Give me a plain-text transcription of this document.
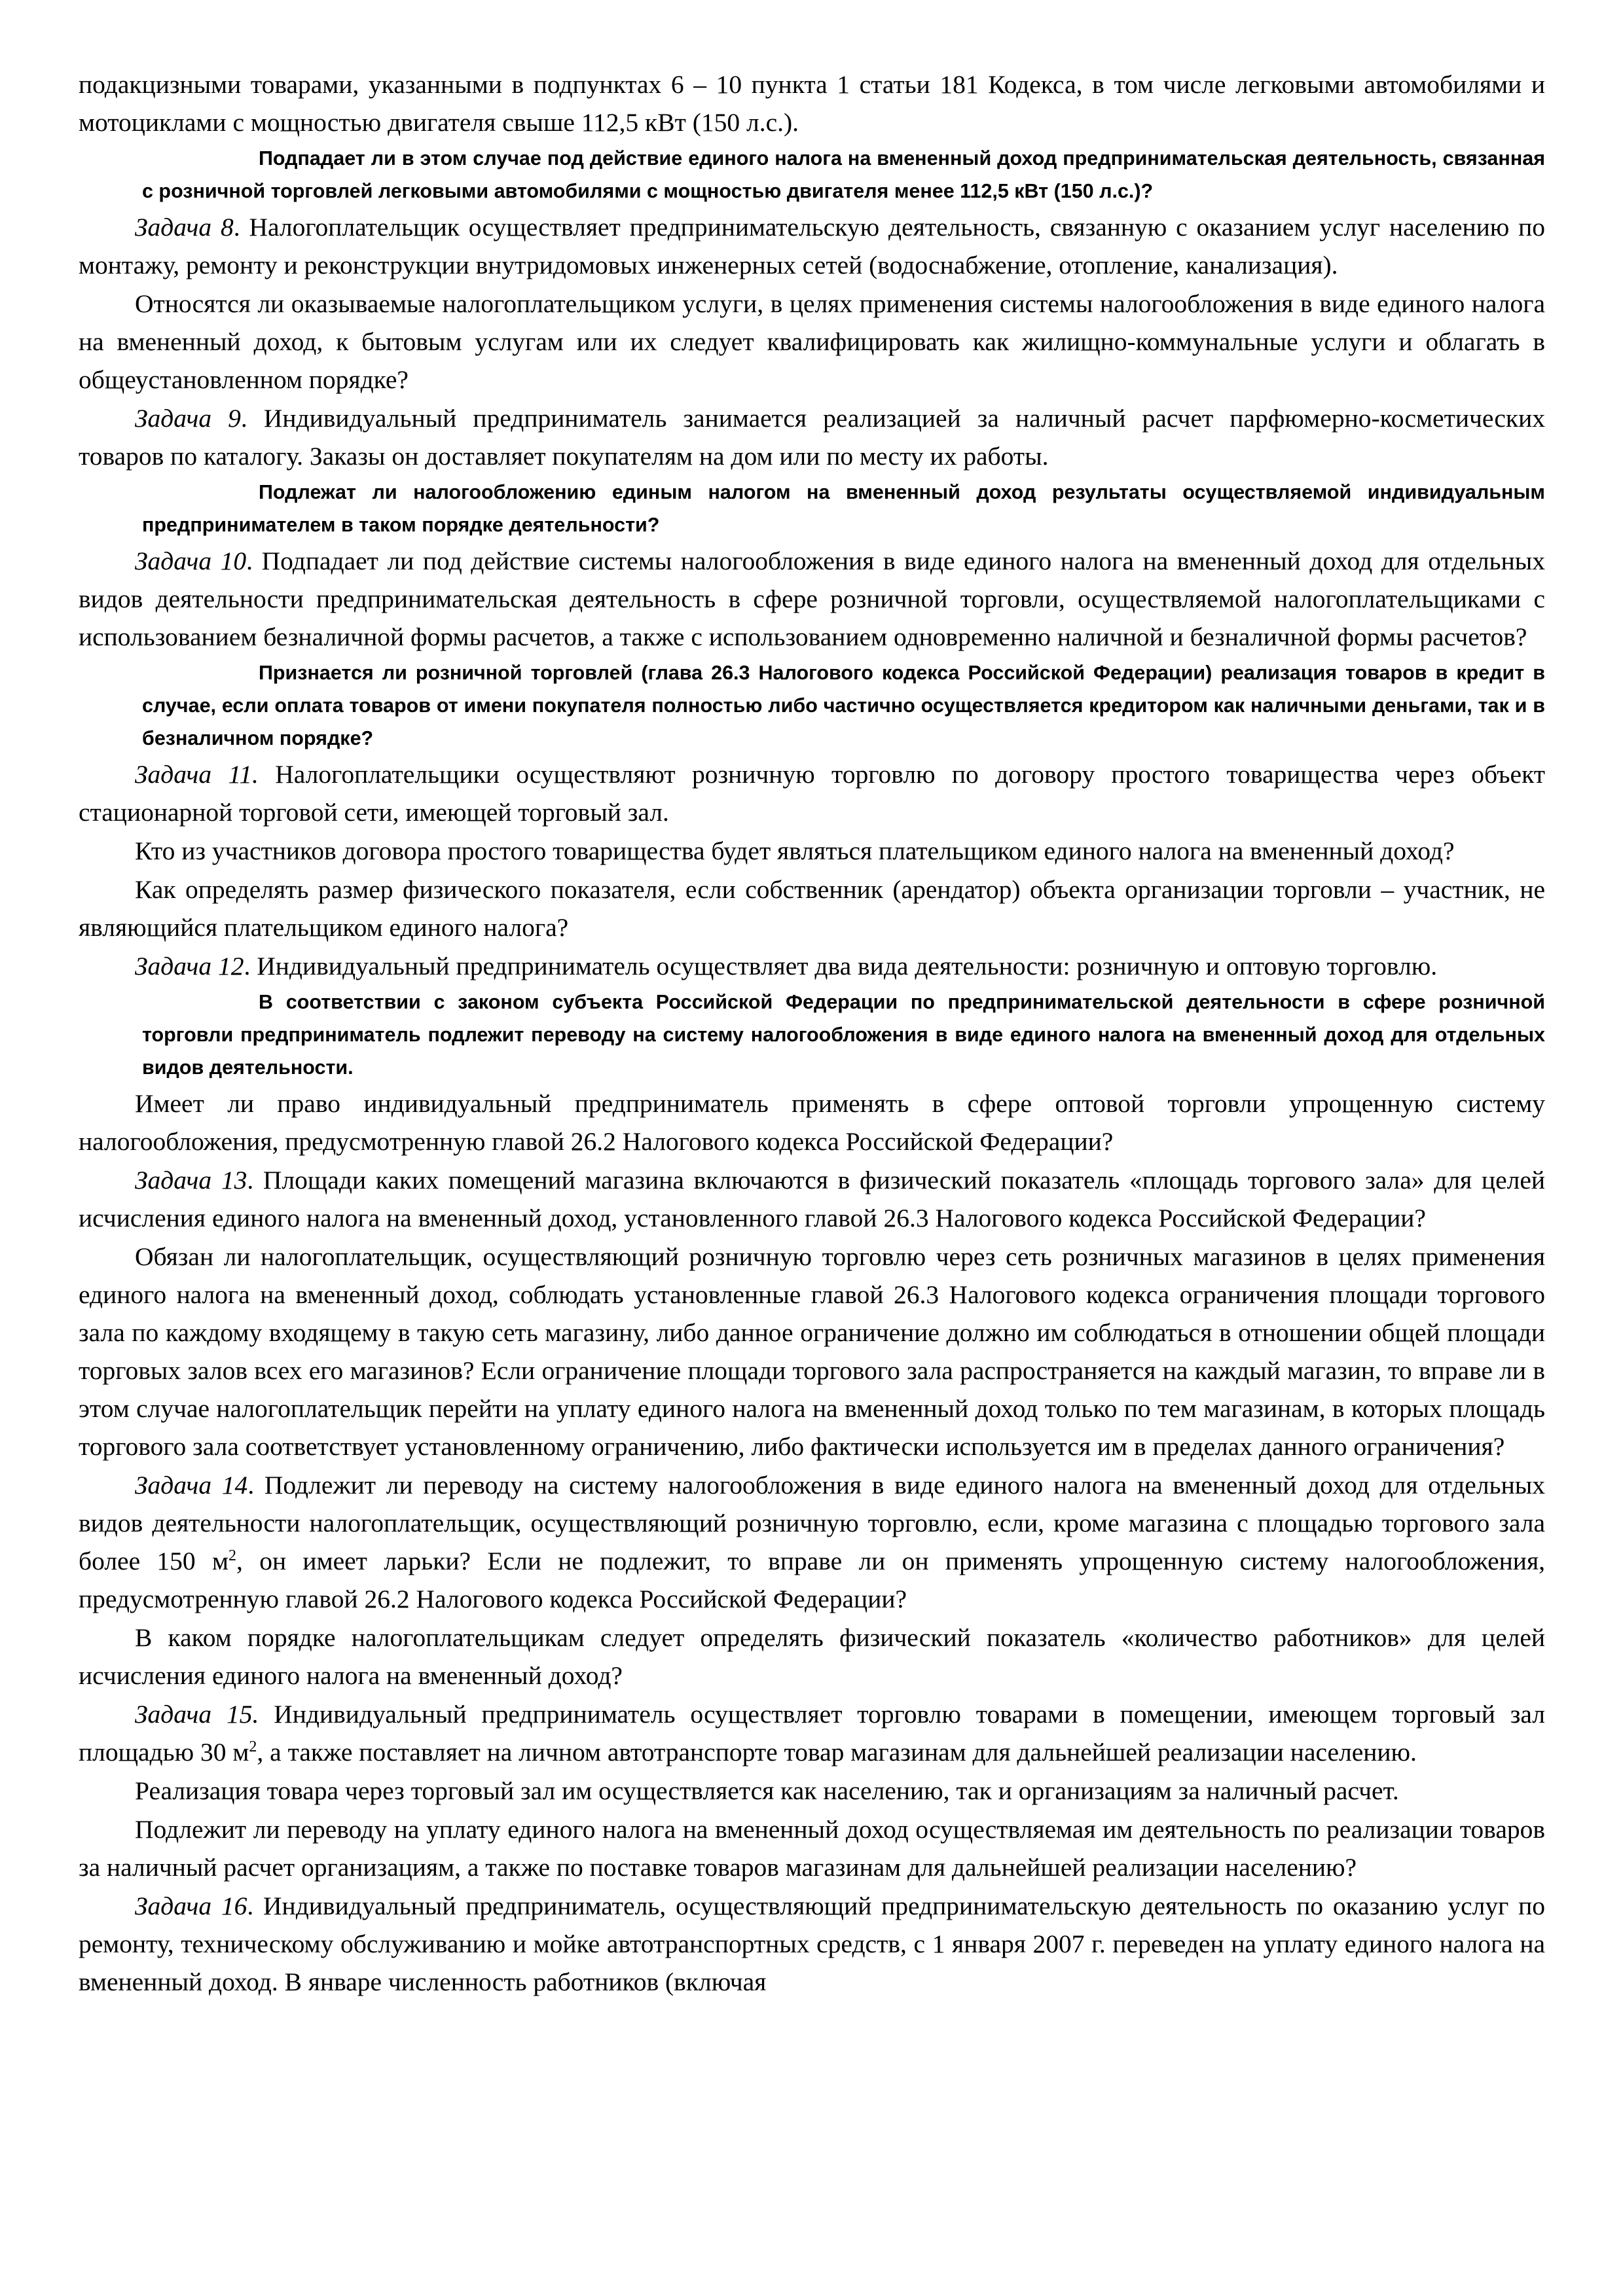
подакцизными товарами, указанными в подпунктах 6 – 10 пункта 1 статьи 181 Кодекса, в том числе легковыми автомобилями и мотоциклами с мощностью двигателя свыше 112,5 кВт (150 л.с.).

Подпадает ли в этом случае под действие единого налога на вмененный доход предпринимательская деятельность, связанная с розничной торговлей легковыми автомобилями с мощностью двигателя менее 112,5 кВт (150 л.с.)?

Задача 8. Налогоплательщик осуществляет предпринимательскую деятельность, связанную с оказанием услуг населению по монтажу, ремонту и реконструкции внутридомовых инженерных сетей (водоснабжение, отопление, канализация).

Относятся ли оказываемые налогоплательщиком услуги, в целях применения системы налогообложения в виде единого налога на вмененный доход, к бытовым услугам или их следует квалифицировать как жилищно-коммунальные услуги и облагать в общеустановленном порядке?

Задача 9. Индивидуальный предприниматель занимается реализацией за наличный расчет парфюмерно-косметических товаров по каталогу. Заказы он доставляет покупателям на дом или по месту их работы.

Подлежат ли налогообложению единым налогом на вмененный доход результаты осуществляемой индивидуальным предпринимателем в таком порядке деятельности?

Задача 10. Подпадает ли под действие системы налогообложения в виде единого налога на вмененный доход для отдельных видов деятельности предпринимательская деятельность в сфере розничной торговли, осуществляемой налогоплательщиками с использованием безналичной формы расчетов, а также с использованием одновременно наличной и безналичной формы расчетов?

Признается ли розничной торговлей (глава 26.3 Налогового кодекса Российской Федерации) реализация товаров в кредит в случае, если оплата товаров от имени покупателя полностью либо частично осуществляется кредитором как наличными деньгами, так и в безналичном порядке?

Задача 11. Налогоплательщики осуществляют розничную торговлю по договору простого товарищества через объект стационарной торговой сети, имеющей торговый зал.

Кто из участников договора простого товарищества будет являться плательщиком единого налога на вмененный доход?

Как определять размер физического показателя, если собственник (арендатор) объекта организации торговли – участник, не являющийся плательщиком единого налога?

Задача 12. Индивидуальный предприниматель осуществляет два вида деятельности: розничную и оптовую торговлю.

В соответствии с законом субъекта Российской Федерации по предпринимательской деятельности в сфере розничной торговли предприниматель подлежит переводу на систему налогообложения в виде единого налога на вмененный доход для отдельных видов деятельности.

Имеет ли право индивидуальный предприниматель применять в сфере оптовой торговли упрощенную систему налогообложения, предусмотренную главой 26.2 Налогового кодекса Российской Федерации?

Задача 13. Площади каких помещений магазина включаются в физический показатель «площадь торгового зала» для целей исчисления единого налога на вмененный доход, установленного главой 26.3 Налогового кодекса Российской Федерации?

Обязан ли налогоплательщик, осуществляющий розничную торговлю через сеть розничных магазинов в целях применения единого налога на вмененный доход, соблюдать установленные главой 26.3 Налогового кодекса ограничения площади торгового зала по каждому входящему в такую сеть магазину, либо данное ограничение должно им соблюдаться в отношении общей площади торговых залов всех его магазинов? Если ограничение площади торгового зала распространяется на каждый магазин, то вправе ли в этом случае налогоплательщик перейти на уплату единого налога на вмененный доход только по тем магазинам, в которых площадь торгового зала соответствует установленному ограничению, либо фактически используется им в пределах данного ограничения?

Задача 14. Подлежит ли переводу на систему налогообложения в виде единого налога на вмененный доход для отдельных видов деятельности налогоплательщик, осуществляющий розничную торговлю, если, кроме магазина с площадью торгового зала более 150 $м^2$, он имеет ларьки? Если не подлежит, то вправе ли он применять упрощенную систему налогообложения, предусмотренную главой 26.2 Налогового кодекса Российской Федерации?

В каком порядке налогоплательщикам следует определять физический показатель «количество работников» для целей исчисления единого налога на вмененный доход?

Задача 15. Индивидуальный предприниматель осуществляет торговлю товарами в помещении, имеющем торговый зал площадью 30 $м^2$, а также поставляет на личном автотранспорте товар магазинам для дальнейшей реализации населению.

Реализация товара через торговый зал им осуществляется как населению, так и организациям за наличный расчет.

Подлежит ли переводу на уплату единого налога на вмененный доход осуществляемая им деятельность по реализации товаров за наличный расчет организациям, а также по поставке товаров магазинам для дальнейшей реализации населению?

Задача 16. Индивидуальный предприниматель, осуществляющий предпринимательскую деятельность по оказанию услуг по ремонту, техническому обслуживанию и мойке автотранспортных средств, с 1 января 2007 г. переведен на уплату единого налога на вмененный доход. В январе численность работников (включая
